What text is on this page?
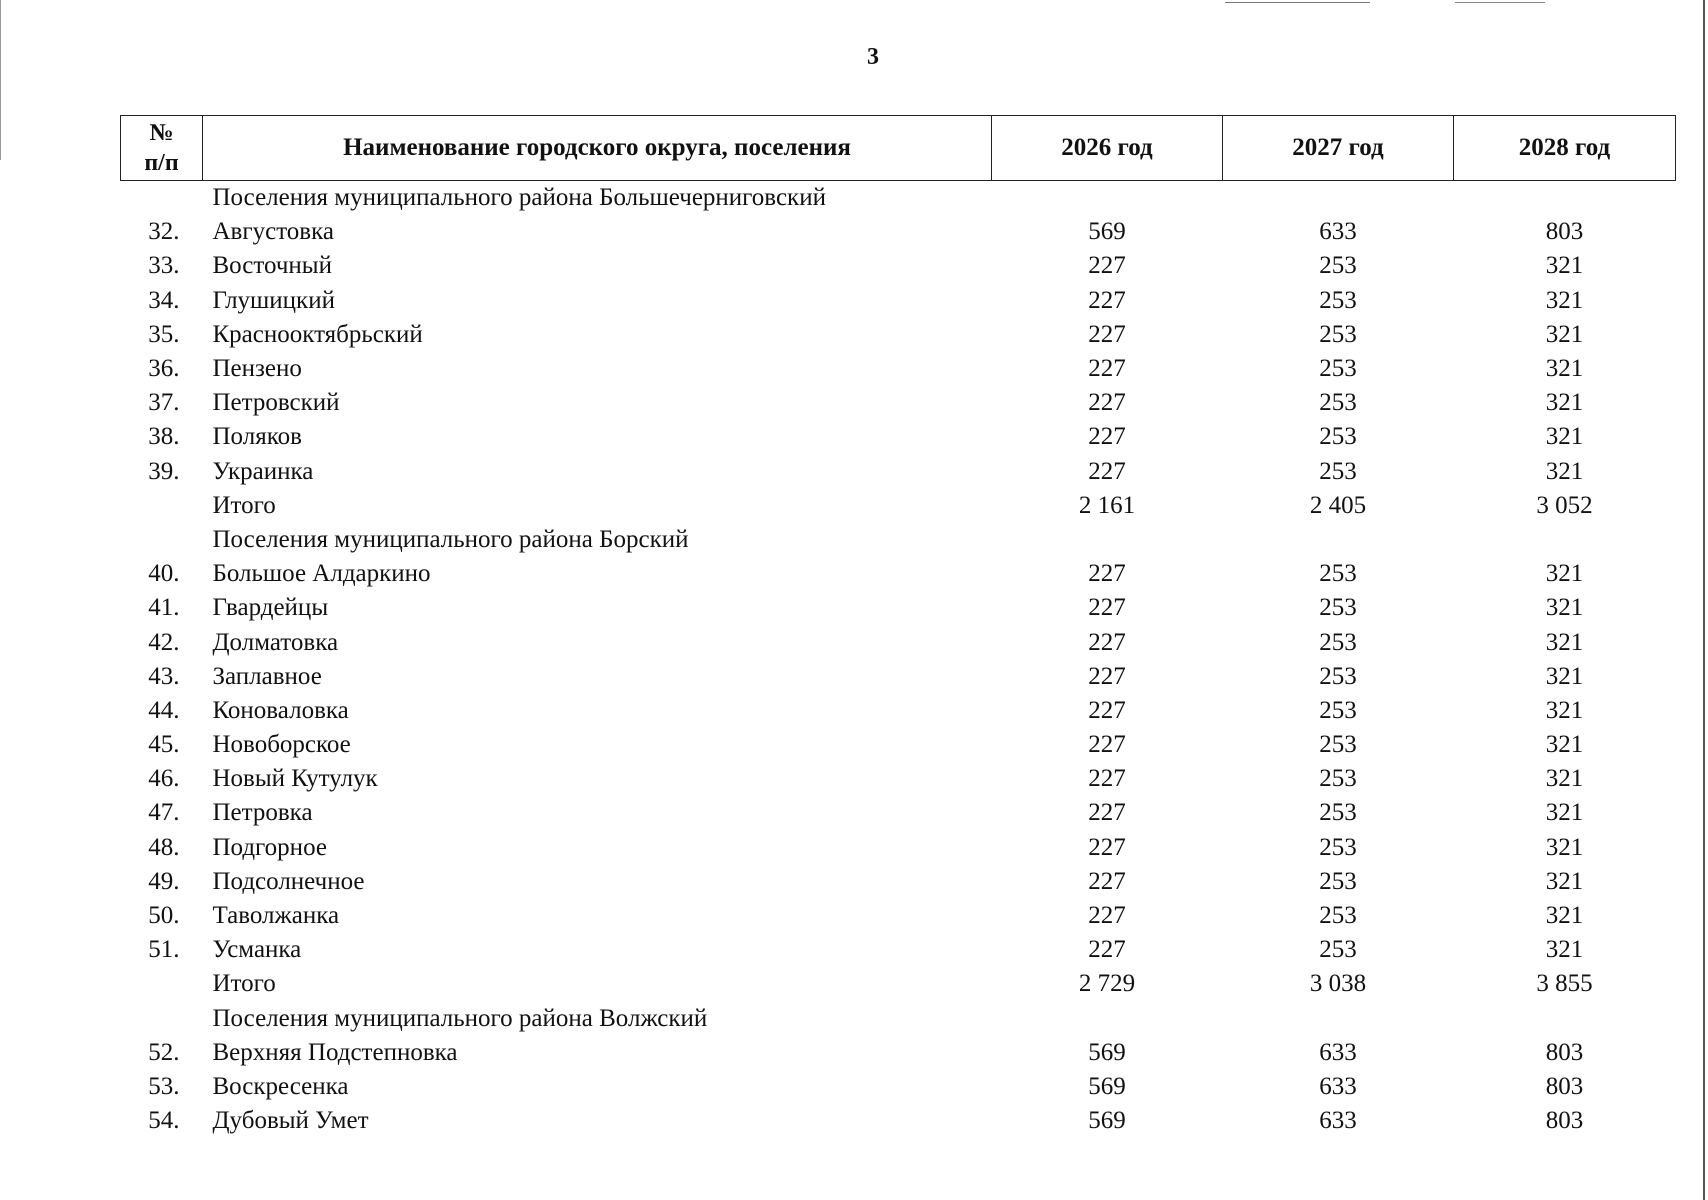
3
№
п/п	Наименование городского округа, поселения	2026 год	2027 год	2028 год
	Поселения муниципального района Большечерниговский			
32.	Августовка	569	633	803
33.	Восточный	227	253	321
34.	Глушицкий	227	253	321
35.	Краснооктябрьский	227	253	321
36.	Пензено	227	253	321
37.	Петровский	227	253	321
38.	Поляков	227	253	321
39.	Украинка	227	253	321
	Итого	2 161	2 405	3 052
	Поселения муниципального района Борский			
40.	Большое Алдаркино	227	253	321
41.	Гвардейцы	227	253	321
42.	Долматовка	227	253	321
43.	Заплавное	227	253	321
44.	Коноваловка	227	253	321
45.	Новоборское	227	253	321
46.	Новый Кутулук	227	253	321
47.	Петровка	227	253	321
48.	Подгорное	227	253	321
49.	Подсолнечное	227	253	321
50.	Таволжанка	227	253	321
51.	Усманка	227	253	321
	Итого	2 729	3 038	3 855
	Поселения муниципального района Волжский			
52.	Верхняя Подстепновка	569	633	803
53.	Воскресенка	569	633	803
54.	Дубовый Умет	569	633	803
